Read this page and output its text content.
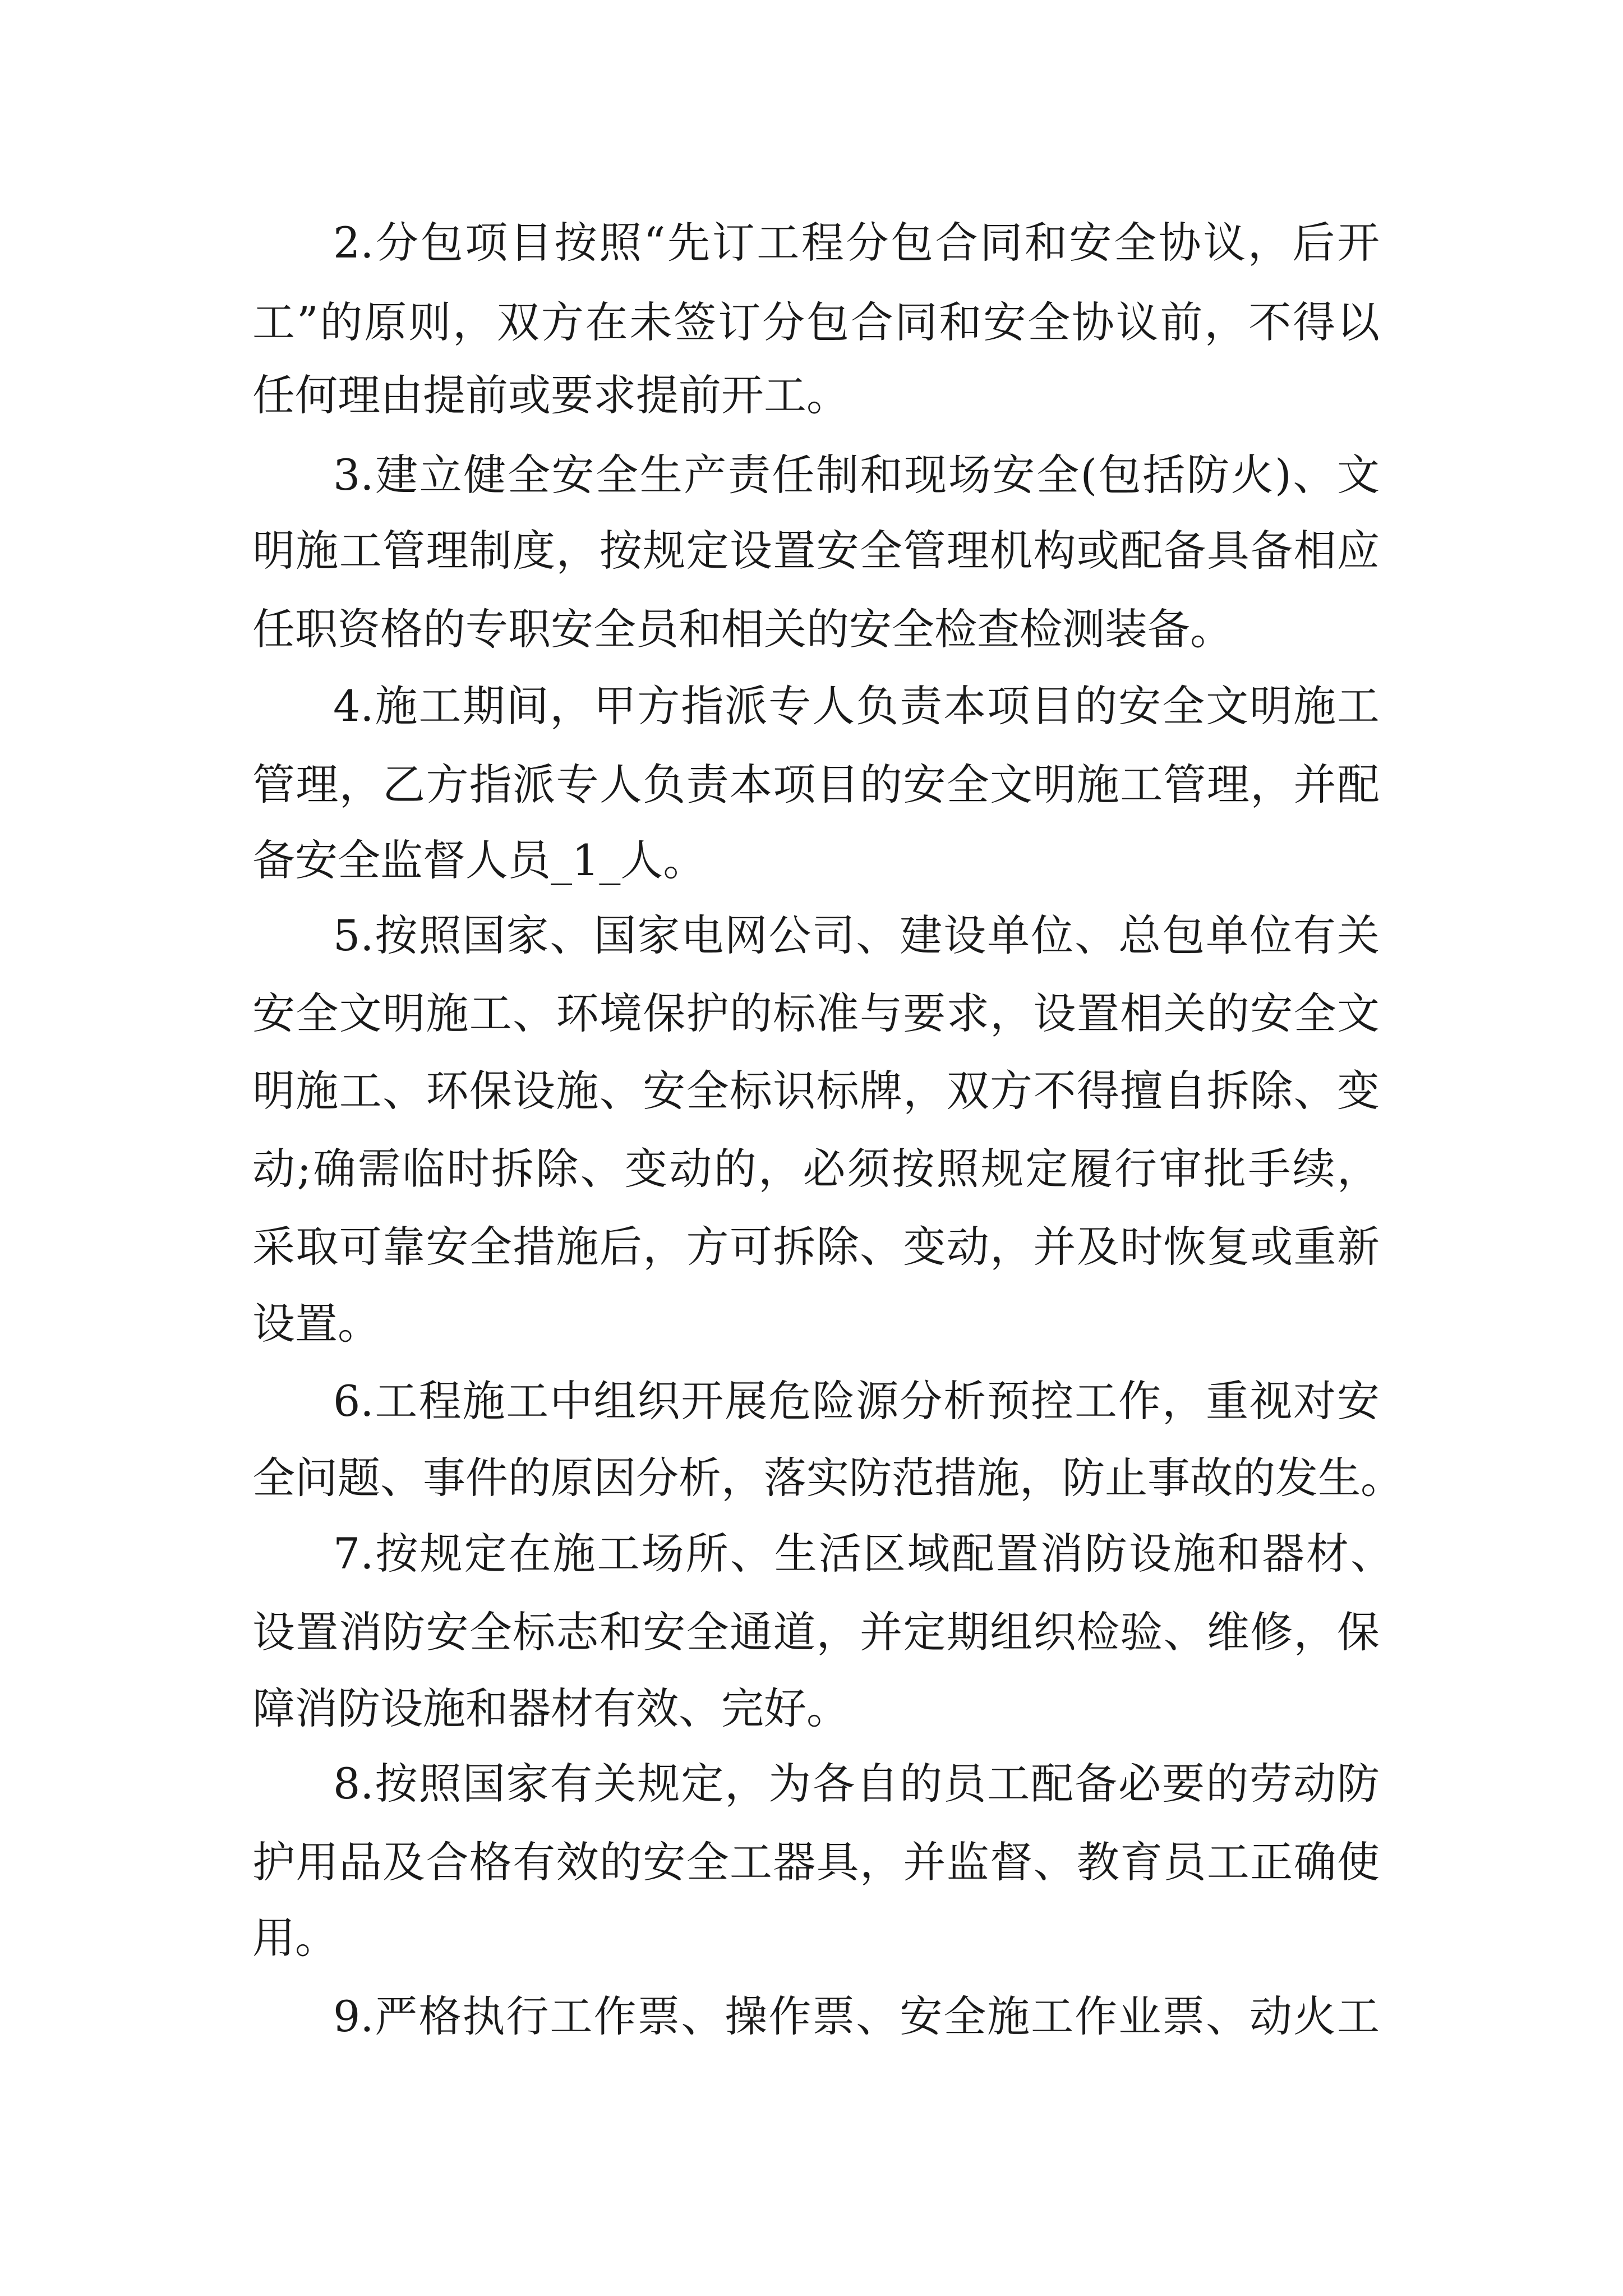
2.分包项目按照“先订工程分包合同和安全协议，后开
工”的原则，双方在未签订分包合同和安全协议前，不得以
任何理由提前或要求提前开工。
3.建立健全安全生产责任制和现场安全(包括防火)、文
明施工管理制度，按规定设置安全管理机构或配备具备相应
任职资格的专职安全员和相关的安全检查检测装备。
4.施工期间，甲方指派专人负责本项目的安全文明施工
管理，乙方指派专人负责本项目的安全文明施工管理，并配
备安全监督人员_1_人。
5.按照国家、国家电网公司、建设单位、总包单位有关
安全文明施工、环境保护的标准与要求，设置相关的安全文
明施工、环保设施、安全标识标牌，双方不得擅自拆除、变
动;确需临时拆除、变动的，必须按照规定履行审批手续，
采取可靠安全措施后，方可拆除、变动，并及时恢复或重新
设置。
6.工程施工中组织开展危险源分析预控工作，重视对安
全问题、事件的原因分析，落实防范措施，防止事故的发生。
7.按规定在施工场所、生活区域配置消防设施和器材、
设置消防安全标志和安全通道，并定期组织检验、维修，保
障消防设施和器材有效、完好。
8.按照国家有关规定，为各自的员工配备必要的劳动防
护用品及合格有效的安全工器具，并监督、教育员工正确使
用。
9.严格执行工作票、操作票、安全施工作业票、动火工
